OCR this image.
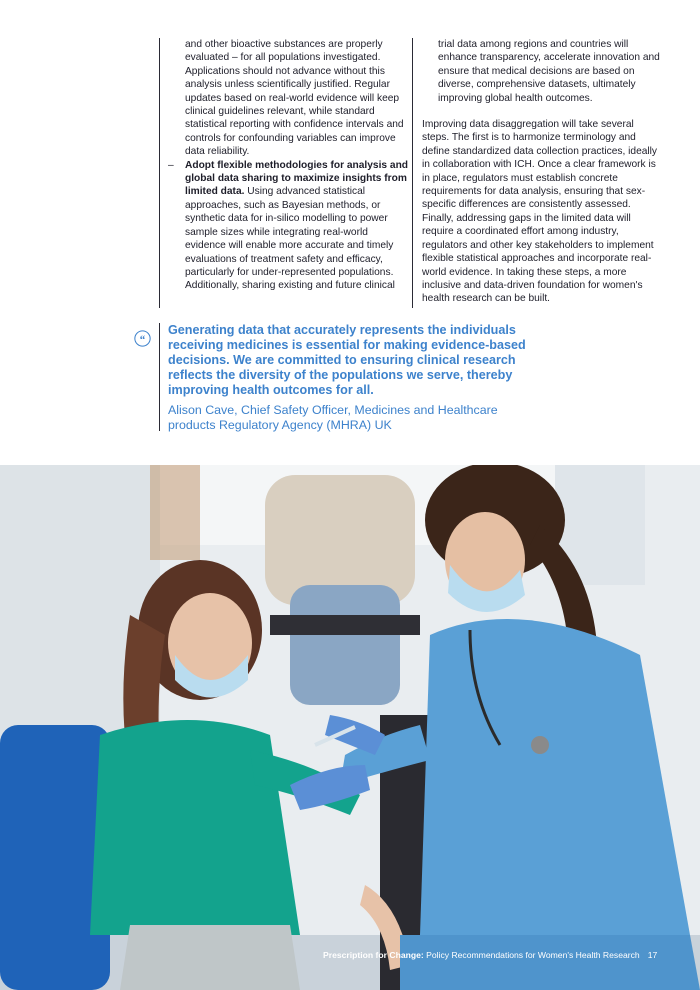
and other bioactive substances are properly evaluated – for all populations investigated. Applications should not advance without this analysis unless scientifically justified. Regular updates based on real-world evidence will keep clinical guidelines relevant, while standard statistical reporting with confidence intervals and controls for confounding variables can improve data reliability.

– Adopt flexible methodologies for analysis and global data sharing to maximize insights from limited data. Using advanced statistical approaches, such as Bayesian methods, or synthetic data for in-silico modelling to power sample sizes while integrating real-world evidence will enable more accurate and timely evaluations of treatment safety and efficacy, particularly for under-represented populations. Additionally, sharing existing and future clinical

trial data among regions and countries will enhance transparency, accelerate innovation and ensure that medical decisions are based on diverse, comprehensive datasets, ultimately improving global health outcomes.

Improving data disaggregation will take several steps. The first is to harmonize terminology and define standardized data collection practices, ideally in collaboration with ICH. Once a clear framework is in place, regulators must establish concrete requirements for data analysis, ensuring that sex-specific differences are consistently assessed. Finally, addressing gaps in the limited data will require a coordinated effort among industry, regulators and other key stakeholders to implement flexible statistical approaches and incorporate real-world evidence. In taking these steps, a more inclusive and data-driven foundation for women's health research can be built.

“

Generating data that accurately represents the individuals receiving medicines is essential for making evidence-based decisions. We are committed to ensuring clinical research reflects the diversity of the populations we serve, thereby improving health outcomes for all.

Alison Cave, Chief Safety Officer, Medicines and Healthcare products Regulatory Agency (MHRA) UK

Prescription for Change: Policy Recommendations for Women's Health Research 17
